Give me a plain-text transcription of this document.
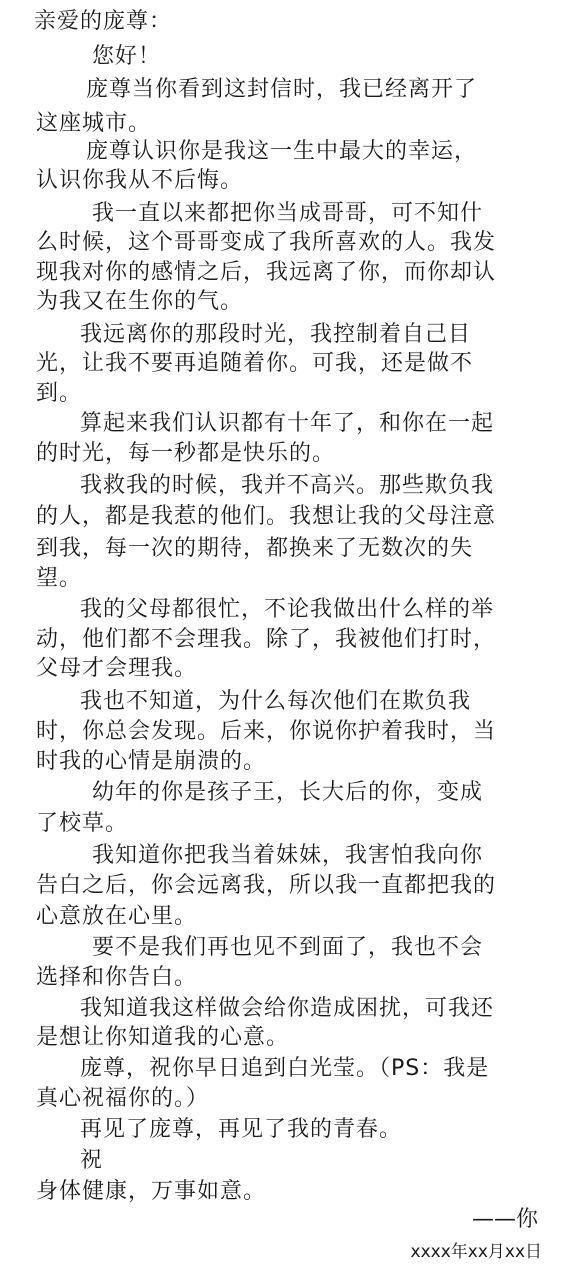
亲爱的庞尊：
您好！
庞尊当你看到这封信时，我已经离开了
这座城市。
庞尊认识你是我这一生中最大的幸运，
认识你我从不后悔。
我一直以来都把你当成哥哥，可不知什
么时候，这个哥哥变成了我所喜欢的人。我发
现我对你的感情之后，我远离了你，而你却认
为我又在生你的气。
我远离你的那段时光，我控制着自己目
光，让我不要再追随着你。可我，还是做不
到。
算起来我们认识都有十年了，和你在一起
的时光，每一秒都是快乐的。
我救我的时候，我并不高兴。那些欺负我
的人，都是我惹的他们。我想让我的父母注意
到我，每一次的期待，都换来了无数次的失
望。
我的父母都很忙，不论我做出什么样的举
动，他们都不会理我。除了，我被他们打时，
父母才会理我。
我也不知道，为什么每次他们在欺负我
时，你总会发现。后来，你说你护着我时，当
时我的心情是崩溃的。
幼年的你是孩子王，长大后的你，变成
了校草。
我知道你把我当着妹妹，我害怕我向你
告白之后，你会远离我，所以我一直都把我的
心意放在心里。
要不是我们再也见不到面了，我也不会
选择和你告白。
我知道我这样做会给你造成困扰，可我还
是想让你知道我的心意。
庞尊，祝你早日追到白光莹。（PS：我是
真心祝福你的。）
再见了庞尊，再见了我的青春。
祝
身体健康，万事如意。
——你
xxxx年xx月xx日
